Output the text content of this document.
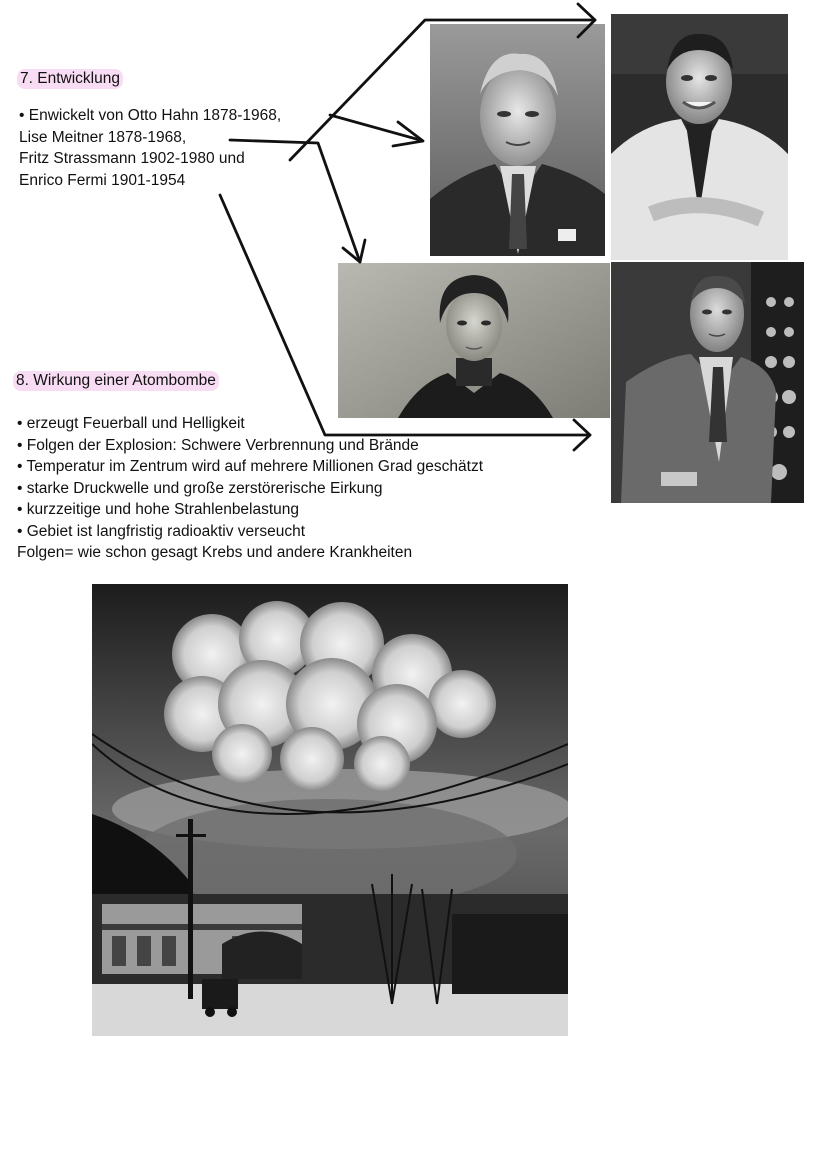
7. Entwicklung
• Enwickelt von Otto Hahn 1878-1968,
Lise Meitner 1878-1968,
Fritz Strassmann 1902-1980 und
Enrico Fermi 1901-1954
8. Wirkung einer Atombombe
• erzeugt Feuerball und Helligkeit
• Folgen der Explosion: Schwere Verbrennung und Brände
• Temperatur im Zentrum wird auf mehrere Millionen Grad geschätzt
• starke Druckwelle und große zerstörerische Eirkung
• kurzzeitige und hohe Strahlenbelastung
• Gebiet ist langfristig radioaktiv verseucht
Folgen= wie schon gesagt Krebs und andere Krankheiten
